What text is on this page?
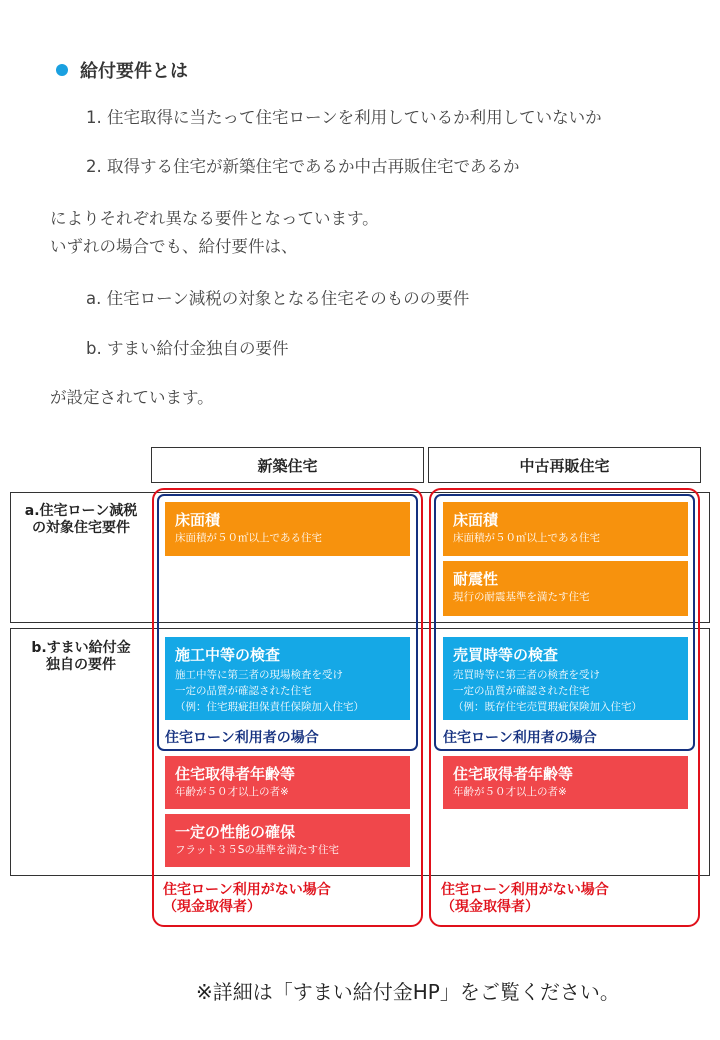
給付要件とは
1. 住宅取得に当たって住宅ローンを利用しているか利用していないか
2. 取得する住宅が新築住宅であるか中古再販住宅であるか
によりそれぞれ異なる要件となっています。
いずれの場合でも、給付要件は、
a. 住宅ローン減税の対象となる住宅そのものの要件
b. すまい給付金独自の要件
が設定されています。
新築住宅	中古再販住宅
a.住宅ローン減税
の対象住宅要件
b.すまい給付金
独自の要件
床面積
床面積が５０㎡以上である住宅
施工中等の検査
施工中等に第三者の現場検査を受け
一定の品質が確認された住宅
（例：住宅瑕疵担保責任保険加入住宅）
住宅ローン利用者の場合
住宅取得者年齢等
年齢が５０才以上の者※
一定の性能の確保
フラット３５Sの基準を満たす住宅
住宅ローン利用がない場合
（現金取得者）
床面積
床面積が５０㎡以上である住宅
耐震性
現行の耐震基準を満たす住宅
売買時等の検査
売買時等に第三者の検査を受け
一定の品質が確認された住宅
（例：既存住宅売買瑕疵保険加入住宅）
住宅ローン利用者の場合
住宅取得者年齢等
年齢が５０才以上の者※
住宅ローン利用がない場合
（現金取得者）
※詳細は「すまい給付金HP」をご覧ください。
